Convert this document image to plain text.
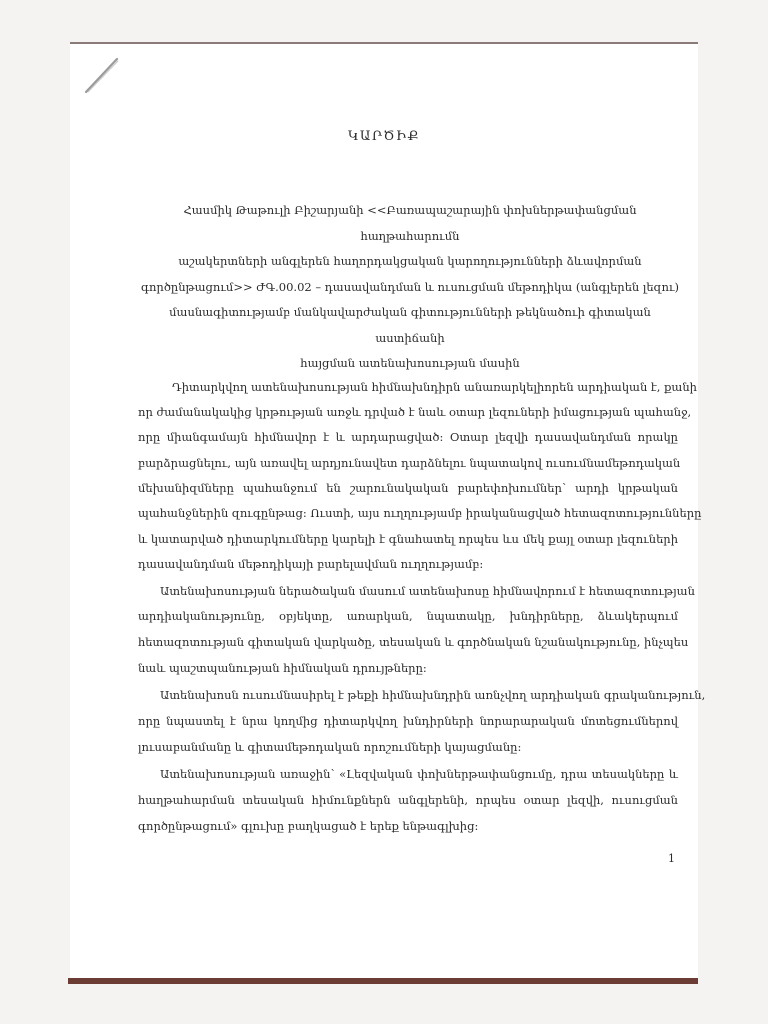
ԿԱՐԾԻՔ
Հասմիկ Թաթուլի Բիշարյանի <<Բառապաշարային փոխներթափանցման հաղթահարումն
աշակերտների անգլերեն հաղորդակցական կարողությունների ձևավորման
գործընթացում>> ԺԳ.00.02 – դասավանդման և ուսուցման մեթոդիկա (անգլերեն լեզու)
մասնագիտությամբ մանկավարժական գիտությունների թեկնածուի գիտական աստիճանի
հայցման ատենախոսության մասին
Դիտարկվող ատենախոսության հիմնախնդիրն անառարկելիորեն արդիական է, քանի
որ ժամանակակից կրթության առջև դրված է նաև օտար լեզուների իմացության պահանջ,
որը միանգամայն հիմնավոր է և արդարացված: Օտար լեզվի դասավանդման որակը
բարձրացնելու, այն առավել արդյունավետ դարձնելու նպատակով ուսումնամեթոդական
մեխանիզմները պահանջում են շարունակական բարեփոխումներ՝ արդի կրթական
պահանջներին զուգընթաց: Ուստի, այս ուղղությամբ իրականացված հետազոտությունները
և կատարված դիտարկումները կարելի է գնահատել որպես ևս մեկ քայլ օտար լեզուների
դասավանդման մեթոդիկայի բարելավման ուղղությամբ:
Ատենախոսության ներածական մասում ատենախոսը հիմնավորում է հետազոտության
արդիականությունը, օբյեկտը, առարկան, նպատակը, խնդիրները, ձևակերպում
հետազոտության գիտական վարկածը, տեսական և գործնական նշանակությունը, ինչպես
նաև պաշտպանության հիմնական դրույթները:
Ատենախոսն ուսումնասիրել է թեքի հիմնախնդրին առնչվող արդիական գրականություն,
որը նպաստել է նրա կողմից դիտարկվող խնդիրների նորարարական մոտեցումներով
լուսաբանմանը և գիտամեթոդական որոշումների կայացմանը:
Ատենախոսության առաջին՝ «Լեզվական փոխներթափանցումը, դրա տեսակները և
հաղթահարման տեսական հիմունքներն անգլերենի, որպես օտար լեզվի, ուսուցման
գործընթացում» գլուխը բաղկացած է երեք ենթագլխից:
1
